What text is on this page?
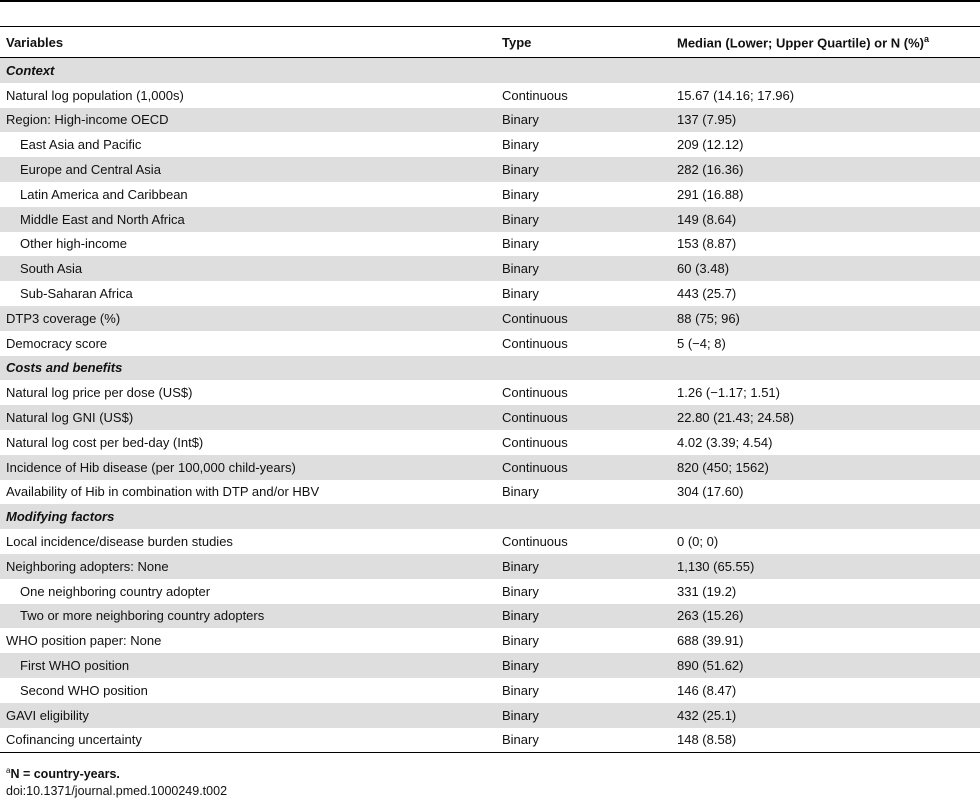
Variables	Type	Median (Lower; Upper Quartile) or N (%)$^a$
Context		
Natural log population (1,000s)	Continuous	15.67 (14.16; 17.96)
Region: High-income OECD	Binary	137 (7.95)
East Asia and Pacific	Binary	209 (12.12)
Europe and Central Asia	Binary	282 (16.36)
Latin America and Caribbean	Binary	291 (16.88)
Middle East and North Africa	Binary	149 (8.64)
Other high-income	Binary	153 (8.87)
South Asia	Binary	60 (3.48)
Sub-Saharan Africa	Binary	443 (25.7)
DTP3 coverage (%)	Continuous	88 (75; 96)
Democracy score	Continuous	5 (−4; 8)
Costs and benefits		
Natural log price per dose (US$)	Continuous	1.26 (−1.17; 1.51)
Natural log GNI (US$)	Continuous	22.80 (21.43; 24.58)
Natural log cost per bed-day (Int$)	Continuous	4.02 (3.39; 4.54)
Incidence of Hib disease (per 100,000 child-years)	Continuous	820 (450; 1562)
Availability of Hib in combination with DTP and/or HBV	Binary	304 (17.60)
Modifying factors		
Local incidence/disease burden studies	Continuous	0 (0; 0)
Neighboring adopters: None	Binary	1,130 (65.55)
One neighboring country adopter	Binary	331 (19.2)
Two or more neighboring country adopters	Binary	263 (15.26)
WHO position paper: None	Binary	688 (39.91)
First WHO position	Binary	890 (51.62)
Second WHO position	Binary	146 (8.47)
GAVI eligibility	Binary	432 (25.1)
Cofinancing uncertainty	Binary	148 (8.58)
$^a$N = country-years.
doi:10.1371/journal.pmed.1000249.t002
